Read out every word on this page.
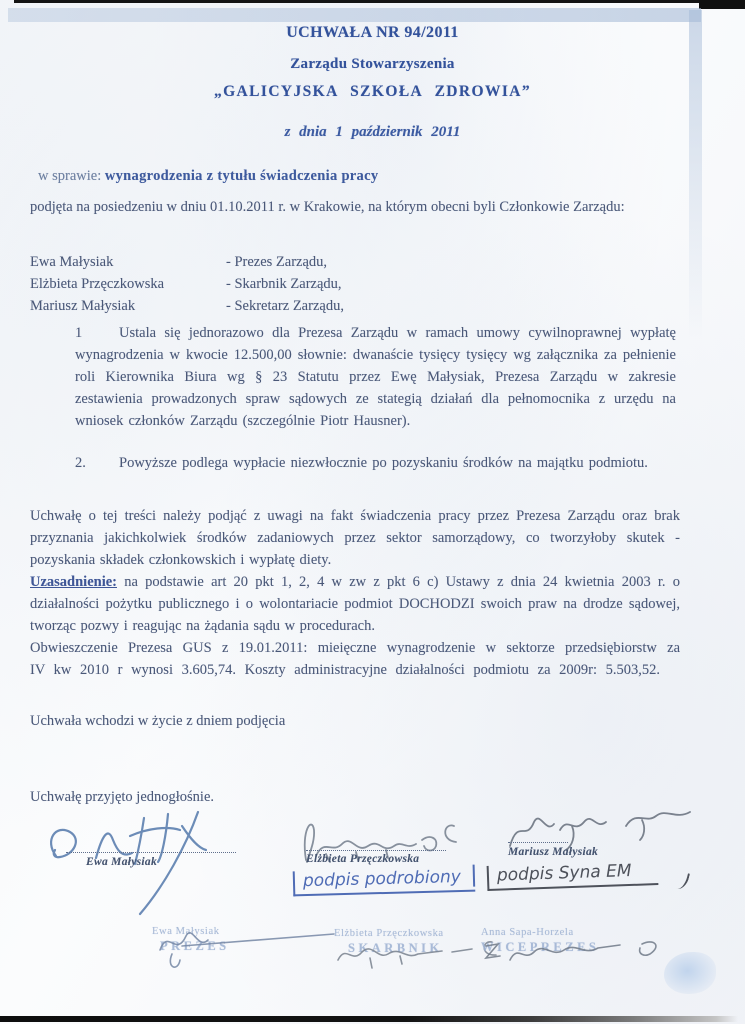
UCHWAŁA NR 94/2011
Zarządu Stowarzyszenia
„GALICYJSKA SZKOŁA ZDROWIA”
z dnia 1 październik 2011
w sprawie: wynagrodzenia z tytułu świadczenia pracy
podjęta na posiedzeniu w dniu 01.10.2011 r. w Krakowie, na którym obecni byli Członkowie Zarządu:
Ewa Małysiak	- Prezes Zarządu,
Elżbieta Przęczkowska	- Skarbnik Zarządu,
Mariusz Małysiak	- Sekretarz Zarządu,
1	Ustala się jednorazowo dla Prezesa Zarządu w ramach umowy cywilnoprawnej wypłatę wynagrodzenia w kwocie 12.500,00 słownie: dwanaście tysięcy tysięcy wg załącznika za pełnienie roli Kierownika Biura wg § 23 Statutu przez Ewę Małysiak, Prezesa Zarządu w zakresie zestawienia prowadzonych spraw sądowych ze stategią działań dla pełnomocnika z urzędu na wniosek członków Zarządu (szczególnie Piotr Hausner).
2. Powyższe podlega wypłacie niezwłocznie po pozyskaniu środków na majątku podmiotu.
Uchwałę o tej treści należy podjąć z uwagi na fakt świadczenia pracy przez Prezesa Zarządu oraz brak przyznania jakichkolwiek środków zadaniowych przez sektor samorządowy, co tworzyłoby skutek - pozyskania składek członkowskich i wypłatę diety.
Uzasadnienie: na podstawie art 20 pkt 1, 2, 4 w zw z pkt 6 c) Ustawy z dnia 24 kwietnia 2003 r. o działalności pożytku publicznego i o wolontariacie podmiot DOCHODZI swoich praw na drodze sądowej, tworząc pozwy i reagując na żądania sądu w procedurach.
Obwieszczenie Prezesa GUS z 19.01.2011: mieięczne wynagrodzenie w sektorze przedsiębiorstw za IV kw 2010 r wynosi 3.605,74. Koszty administracyjne działalności podmiotu za 2009r: 5.503,52.
Uchwała wchodzi w życie z dniem podjęcia
Uchwałę przyjęto jednogłośnie.
Ewa Małysiak	Elżbieta Przęczkowska
Mariusz Małysiak
podpis podrobiony	podpis Syna EM
Ewa Małysiak
PREZES
Elżbieta Przęczkowska
SKARBNIK
Anna Sapa-Horzela
WICEPREZES
